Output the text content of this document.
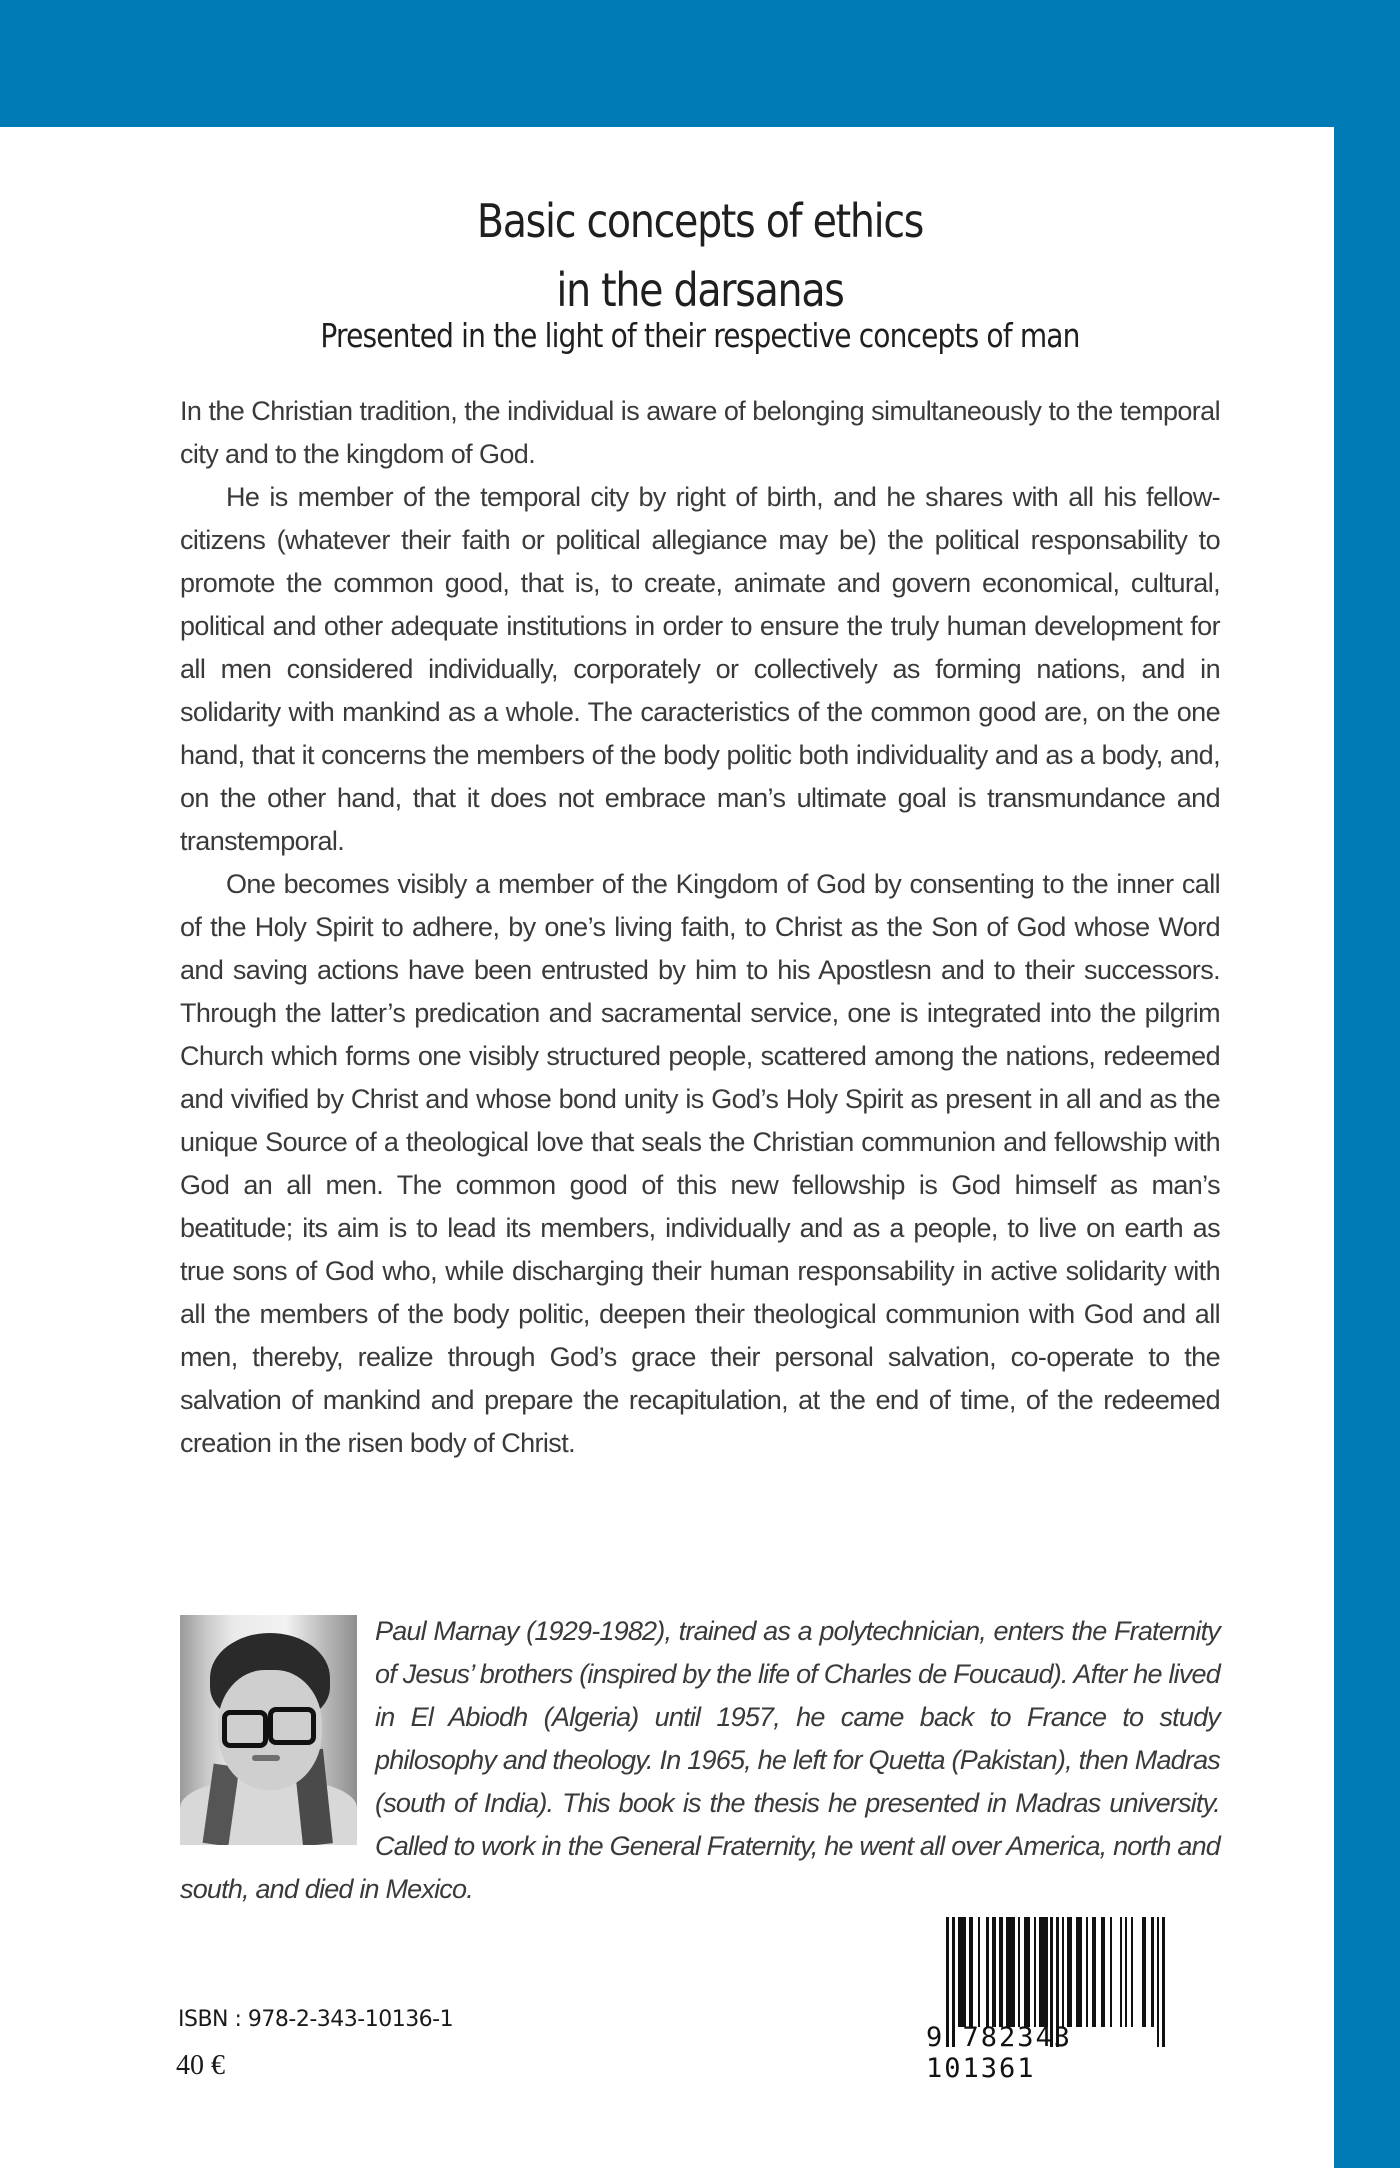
Basic concepts of ethics
in the darsanas
Presented in the light of their respective concepts of man

In the Christian tradition, the individual is aware of belonging simultaneously to the temporal city and to the kingdom of God.

He is member of the temporal city by right of birth, and he shares with all his fellow-citizens (whatever their faith or political allegiance may be) the political responsability to promote the common good, that is, to create, animate and govern economical, cultural, political and other adequate institutions in order to ensure the truly human development for all men considered individually, corporately or collectively as forming nations, and in solidarity with mankind as a whole. The caracteristics of the common good are, on the one hand, that it concerns the members of the body politic both individuality and as a body, and, on the other hand, that it does not embrace man’s ultimate goal is transmundance and transtemporal.

One becomes visibly a member of the Kingdom of God by consenting to the inner call of the Holy Spirit to adhere, by one’s living faith, to Christ as the Son of God whose Word and saving actions have been entrusted by him to his Apostlesn and to their successors. Through the latter’s predication and sacramental service, one is integrated into the pilgrim Church which forms one visibly structured people, scattered among the nations, redeemed and vivified by Christ and whose bond unity is God’s Holy Spirit as present in all and as the unique Source of a theological love that seals the Christian communion and fellowship with God an all men. The common good of this new fellowship is God himself as man’s beatitude; its aim is to lead its members, individually and as a people, to live on earth as true sons of God who, while discharging their human responsability in active solidarity with all the members of the body politic, deepen their theological communion with God and all men, thereby, realize through God’s grace their personal salvation, co-operate to the salvation of mankind and prepare the recapitulation, at the end of time, of the redeemed creation in the risen body of Christ.

Paul Marnay (1929-1982), trained as a polytechnician, enters the Fraternity of Jesus’ brothers (inspired by the life of Charles de Foucaud). After he lived in El Abiodh (Algeria) until 1957, he came back to France to study philosophy and theology. In 1965, he left for Quetta (Pakistan), then Madras (south of India). This book is the thesis he presented in Madras university. Called to work in the General Fraternity, he went all over America, north and south, and died in Mexico.
ISBN : 978-2-343-10136-1
40 €
9 782343 101361
